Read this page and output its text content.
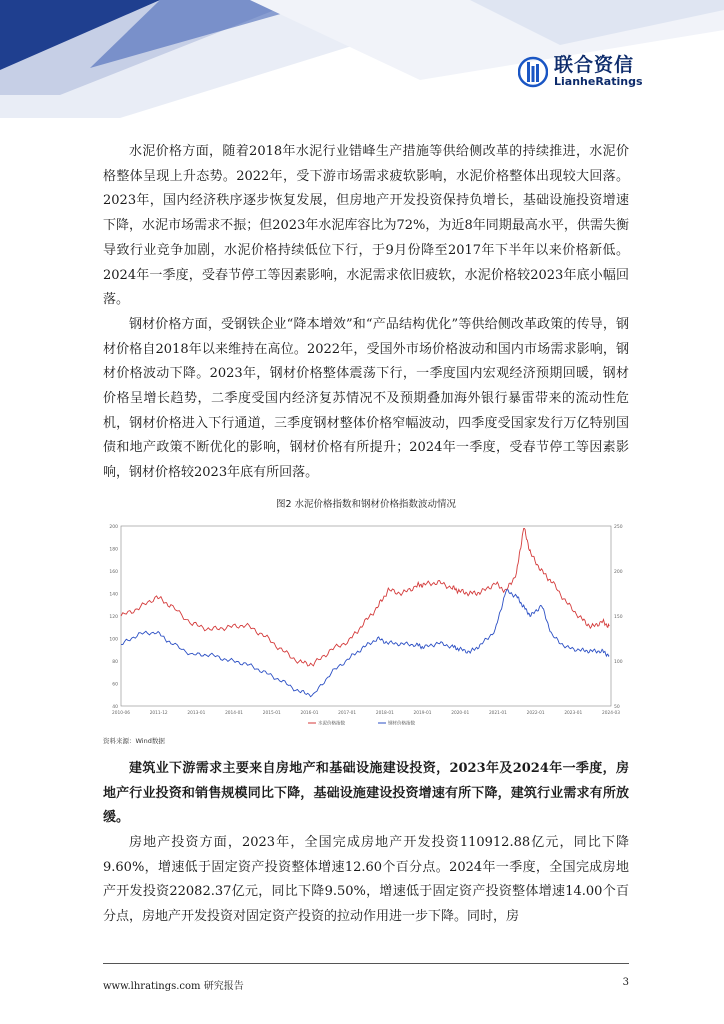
联合资信
LianheRatings

水泥价格方面，随着2018年水泥行业错峰生产措施等供给侧改革的持续推进，水泥价格整体呈现上升态势。2022年，受下游市场需求疲软影响，水泥价格整体出现较大回落。2023年，国内经济秩序逐步恢复发展，但房地产开发投资保持负增长，基础设施投资增速下降，水泥市场需求不振；但2023年水泥库容比为72%，为近8年同期最高水平，供需失衡导致行业竞争加剧，水泥价格持续低位下行，于9月份降至2017年下半年以来价格新低。2024年一季度，受春节停工等因素影响，水泥需求依旧疲软，水泥价格较2023年底小幅回落。

钢材价格方面，受钢铁企业“降本增效”和“产品结构优化”等供给侧改革政策的传导，钢材价格自2018年以来维持在高位。2022年，受国外市场价格波动和国内市场需求影响，钢材价格波动下降。2023年，钢材价格整体震荡下行，一季度国内宏观经济预期回暖，钢材价格呈增长趋势，二季度受国内经济复苏情况不及预期叠加海外银行暴雷带来的流动性危机，钢材价格进入下行通道，三季度钢材整体价格窄幅波动，四季度受国家发行万亿特别国债和地产政策不断优化的影响，钢材价格有所提升；2024年一季度，受春节停工等因素影响，钢材价格较2023年底有所回落。

图2 水泥价格指数和钢材价格指数波动情况
200
180
160
140
120
100
80
60
40
250
200
150
100
50
2010-06	2011-12	2013-01	2014-01	2015-01	2016-01	2017-01	2018-01	2019-01	2020-01	2021-01	2022-01	2023-01	2024-03
水泥价格指数	钢材价格指数
资料来源：Wind数据

建筑业下游需求主要来自房地产和基础设施建设投资，2023年及2024年一季度，房地产行业投资和销售规模同比下降，基础设施建设投资增速有所下降，建筑行业需求有所放缓。

房地产投资方面，2023年，全国完成房地产开发投资110912.88亿元，同比下降9.60%，增速低于固定资产投资整体增速12.60个百分点。2024年一季度，全国完成房地产开发投资22082.37亿元，同比下降9.50%，增速低于固定资产投资整体增速14.00个百分点，房地产开发投资对固定资产投资的拉动作用进一步下降。同时，房

www.lhratings.com 研究报告	3
